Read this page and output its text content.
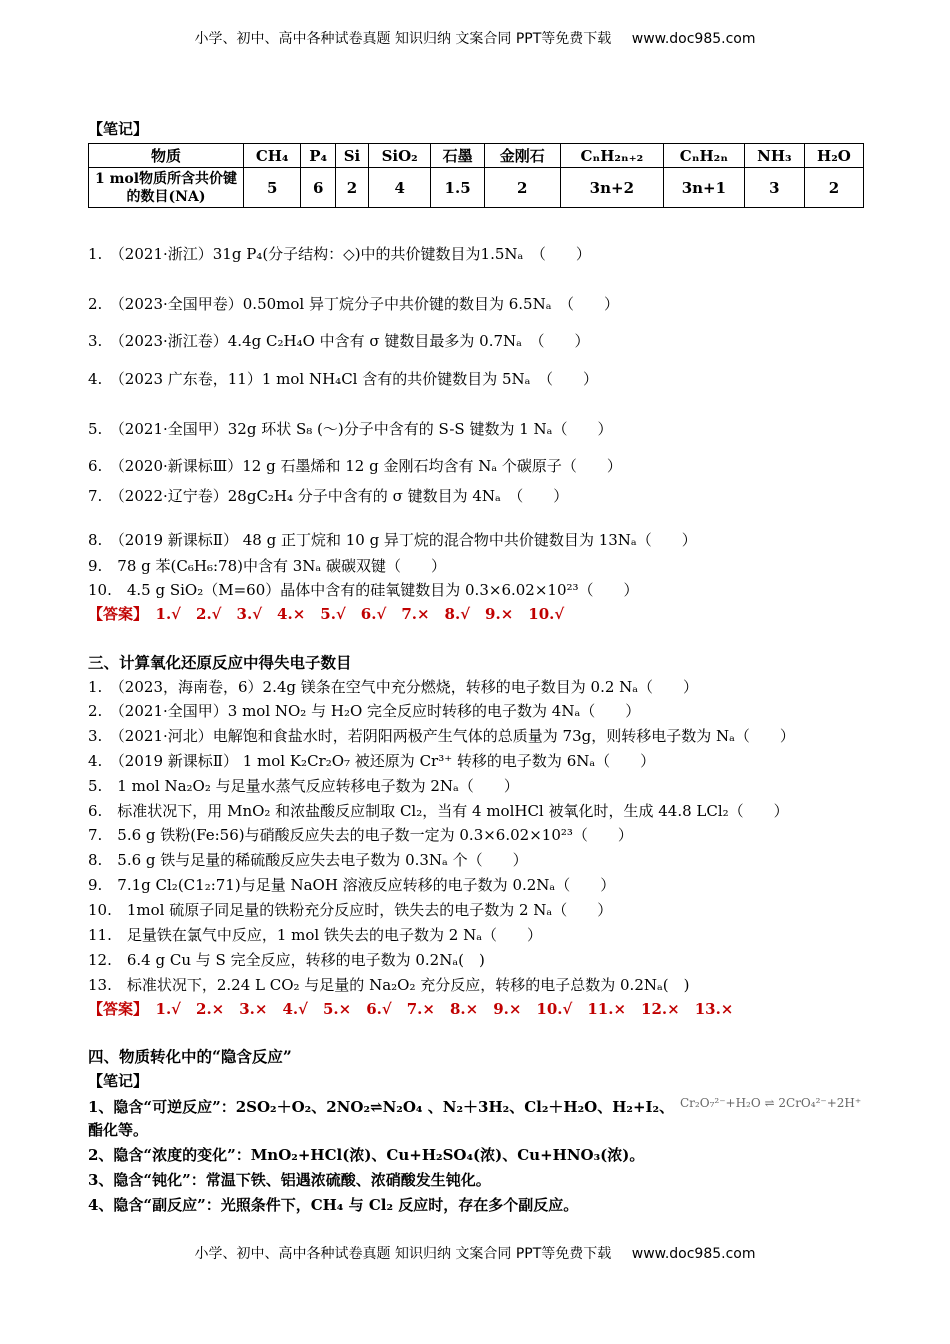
小学、初中、高中各种试卷真题 知识归纳 文案合同 PPT等免费下载 www.doc985.com
【笔记】
物质	CH₄	P₄	Si	SiO₂	石墨	金刚石	CₙH₂ₙ₊₂	CₙH₂ₙ	NH₃	H₂O
1 mol物质所含共价键的数目(NA)	5	6	2	4	1.5	2	3n+2	3n+1	3	2
1.　（2021·浙江）31g P₄(分子结构：◇)中的共价键数目为1.5Nₐ　（　　）
2.　（2023·全国甲卷）0.50mol 异丁烷分子中共价键的数目为 6.5Nₐ　（　　）
3.　（2023·浙江卷）4.4g C₂H₄O 中含有 σ 键数目最多为 0.7Nₐ　（　　）
4.　（2023 广东卷，11）1 mol NH₄Cl 含有的共价键数目为 5Nₐ　（　　）
5.　（2021·全国甲）32g 环状 S₈ (～)分子中含有的 S-S 键数为 1 Nₐ（　　）
6.　（2020·新课标Ⅲ）12 g 石墨烯和 12 g 金刚石均含有 Nₐ 个碳原子（　　）
7.　（2022·辽宁卷）28gC₂H₄ 分子中含有的 σ 键数目为 4Nₐ　（　　）
8.　（2019 新课标Ⅱ） 48 g 正丁烷和 10 g 异丁烷的混合物中共价键数目为 13Nₐ（　　）
9.　78 g 苯(C₆H₆:78)中含有 3Nₐ 碳碳双键（　　）
10.　4.5 g SiO₂（M=60）晶体中含有的硅氧键数目为 0.3×6.02×10²³（　　）
【答案】　1.√　2.√　3.√　4.×　5.√　6.√　7.×　8.√　9.×　10.√
三、计算氧化还原反应中得失电子数目
1.　（2023，海南卷，6）2.4g 镁条在空气中充分燃烧，转移的电子数目为 0.2 Nₐ（　　）
2.　（2021·全国甲）3 mol NO₂ 与 H₂O 完全反应时转移的电子数为 4Nₐ（　　）
3.　（2021·河北）电解饱和食盐水时，若阴阳两极产生气体的总质量为 73g，则转移电子数为 Nₐ（　　）
4.　（2019 新课标Ⅱ） 1 mol K₂Cr₂O₇ 被还原为 Cr³⁺ 转移的电子数为 6Nₐ（　　）
5.　1 mol Na₂O₂ 与足量水蒸气反应转移电子数为 2Nₐ（　　）
6.　标准状况下，用 MnO₂ 和浓盐酸反应制取 Cl₂，当有 4 molHCl 被氧化时，生成 44.8 LCl₂（　　）
7.　5.6 g 铁粉(Fe:56)与硝酸反应失去的电子数一定为 0.3×6.02×10²³（　　）
8.　5.6 g 铁与足量的稀硫酸反应失去电子数为 0.3Nₐ 个（　　）
9.　7.1g Cl₂(C1₂:71)与足量 NaOH 溶液反应转移的电子数为 0.2Nₐ（　　）
10.　1mol 硫原子同足量的铁粉充分反应时，铁失去的电子数为 2 Nₐ（　　）
11.　足量铁在氯气中反应，1 mol 铁失去的电子数为 2 Nₐ（　　）
12.　6.4 g Cu 与 S 完全反应，转移的电子数为 0.2Nₐ(　)
13.　标准状况下，2.24 L CO₂ 与足量的 Na₂O₂ 充分反应，转移的电子总数为 0.2Nₐ(　)
【答案】　1.√　2.×　3.×　4.√　5.×　6.√　7.×　8.×　9.×　10.√　11.×　12.×　13.×
四、物质转化中的“隐含反应”
【笔记】
1、隐含“可逆反应”：2SO₂＋O₂、2NO₂⇌N₂O₄ 、N₂＋3H₂、Cl₂＋H₂O、H₂+I₂、 Cr₂O₇²⁻+H₂O ⇌ 2CrO₄²⁻+2H⁺
酯化等。
2、隐含“浓度的变化”：MnO₂+HCl(浓)、Cu+H₂SO₄(浓)、Cu+HNO₃(浓)。
3、隐含“钝化”：常温下铁、铝遇浓硫酸、浓硝酸发生钝化。
4、隐含“副反应”：光照条件下，CH₄ 与 Cl₂ 反应时，存在多个副反应。
小学、初中、高中各种试卷真题 知识归纳 文案合同 PPT等免费下载 www.doc985.com
